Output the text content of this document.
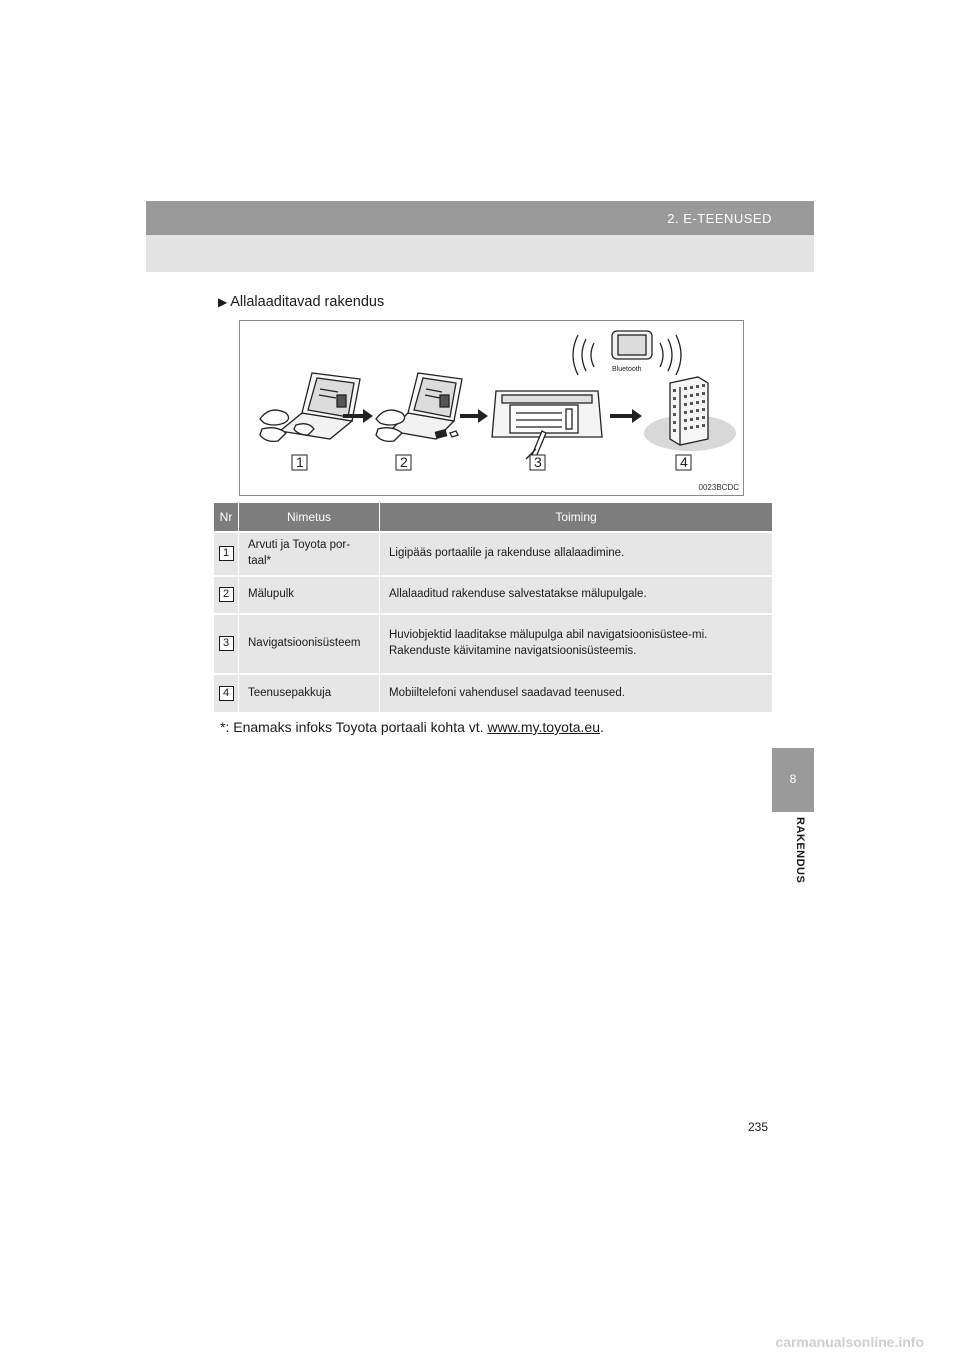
2. E-TEENUSED
8
RAKENDUS
▶ Allalaaditavad rakendus
Bluetooth
1	2	3	4
0023BCDC
Nr	Nimetus	Toiming
1	Arvuti ja Toyota por-taal*	Ligipääs portaalile ja rakenduse allalaadimine.
2	Mälupulk	Allalaaditud rakenduse salvestatakse mälupulgale.
3	Navigatsioonisüsteem	Huviobjektid laaditakse mälupulga abil navigatsioonisüstee-mi.
Rakenduste käivitamine navigatsioonisüsteemis.

4	Teenusepakkuja	Mobiiltelefoni vahendusel saadavad teenused.
*: Enamaks infoks Toyota portaali kohta vt. www.my.toyota.eu.
235
carmanualsonline.info
